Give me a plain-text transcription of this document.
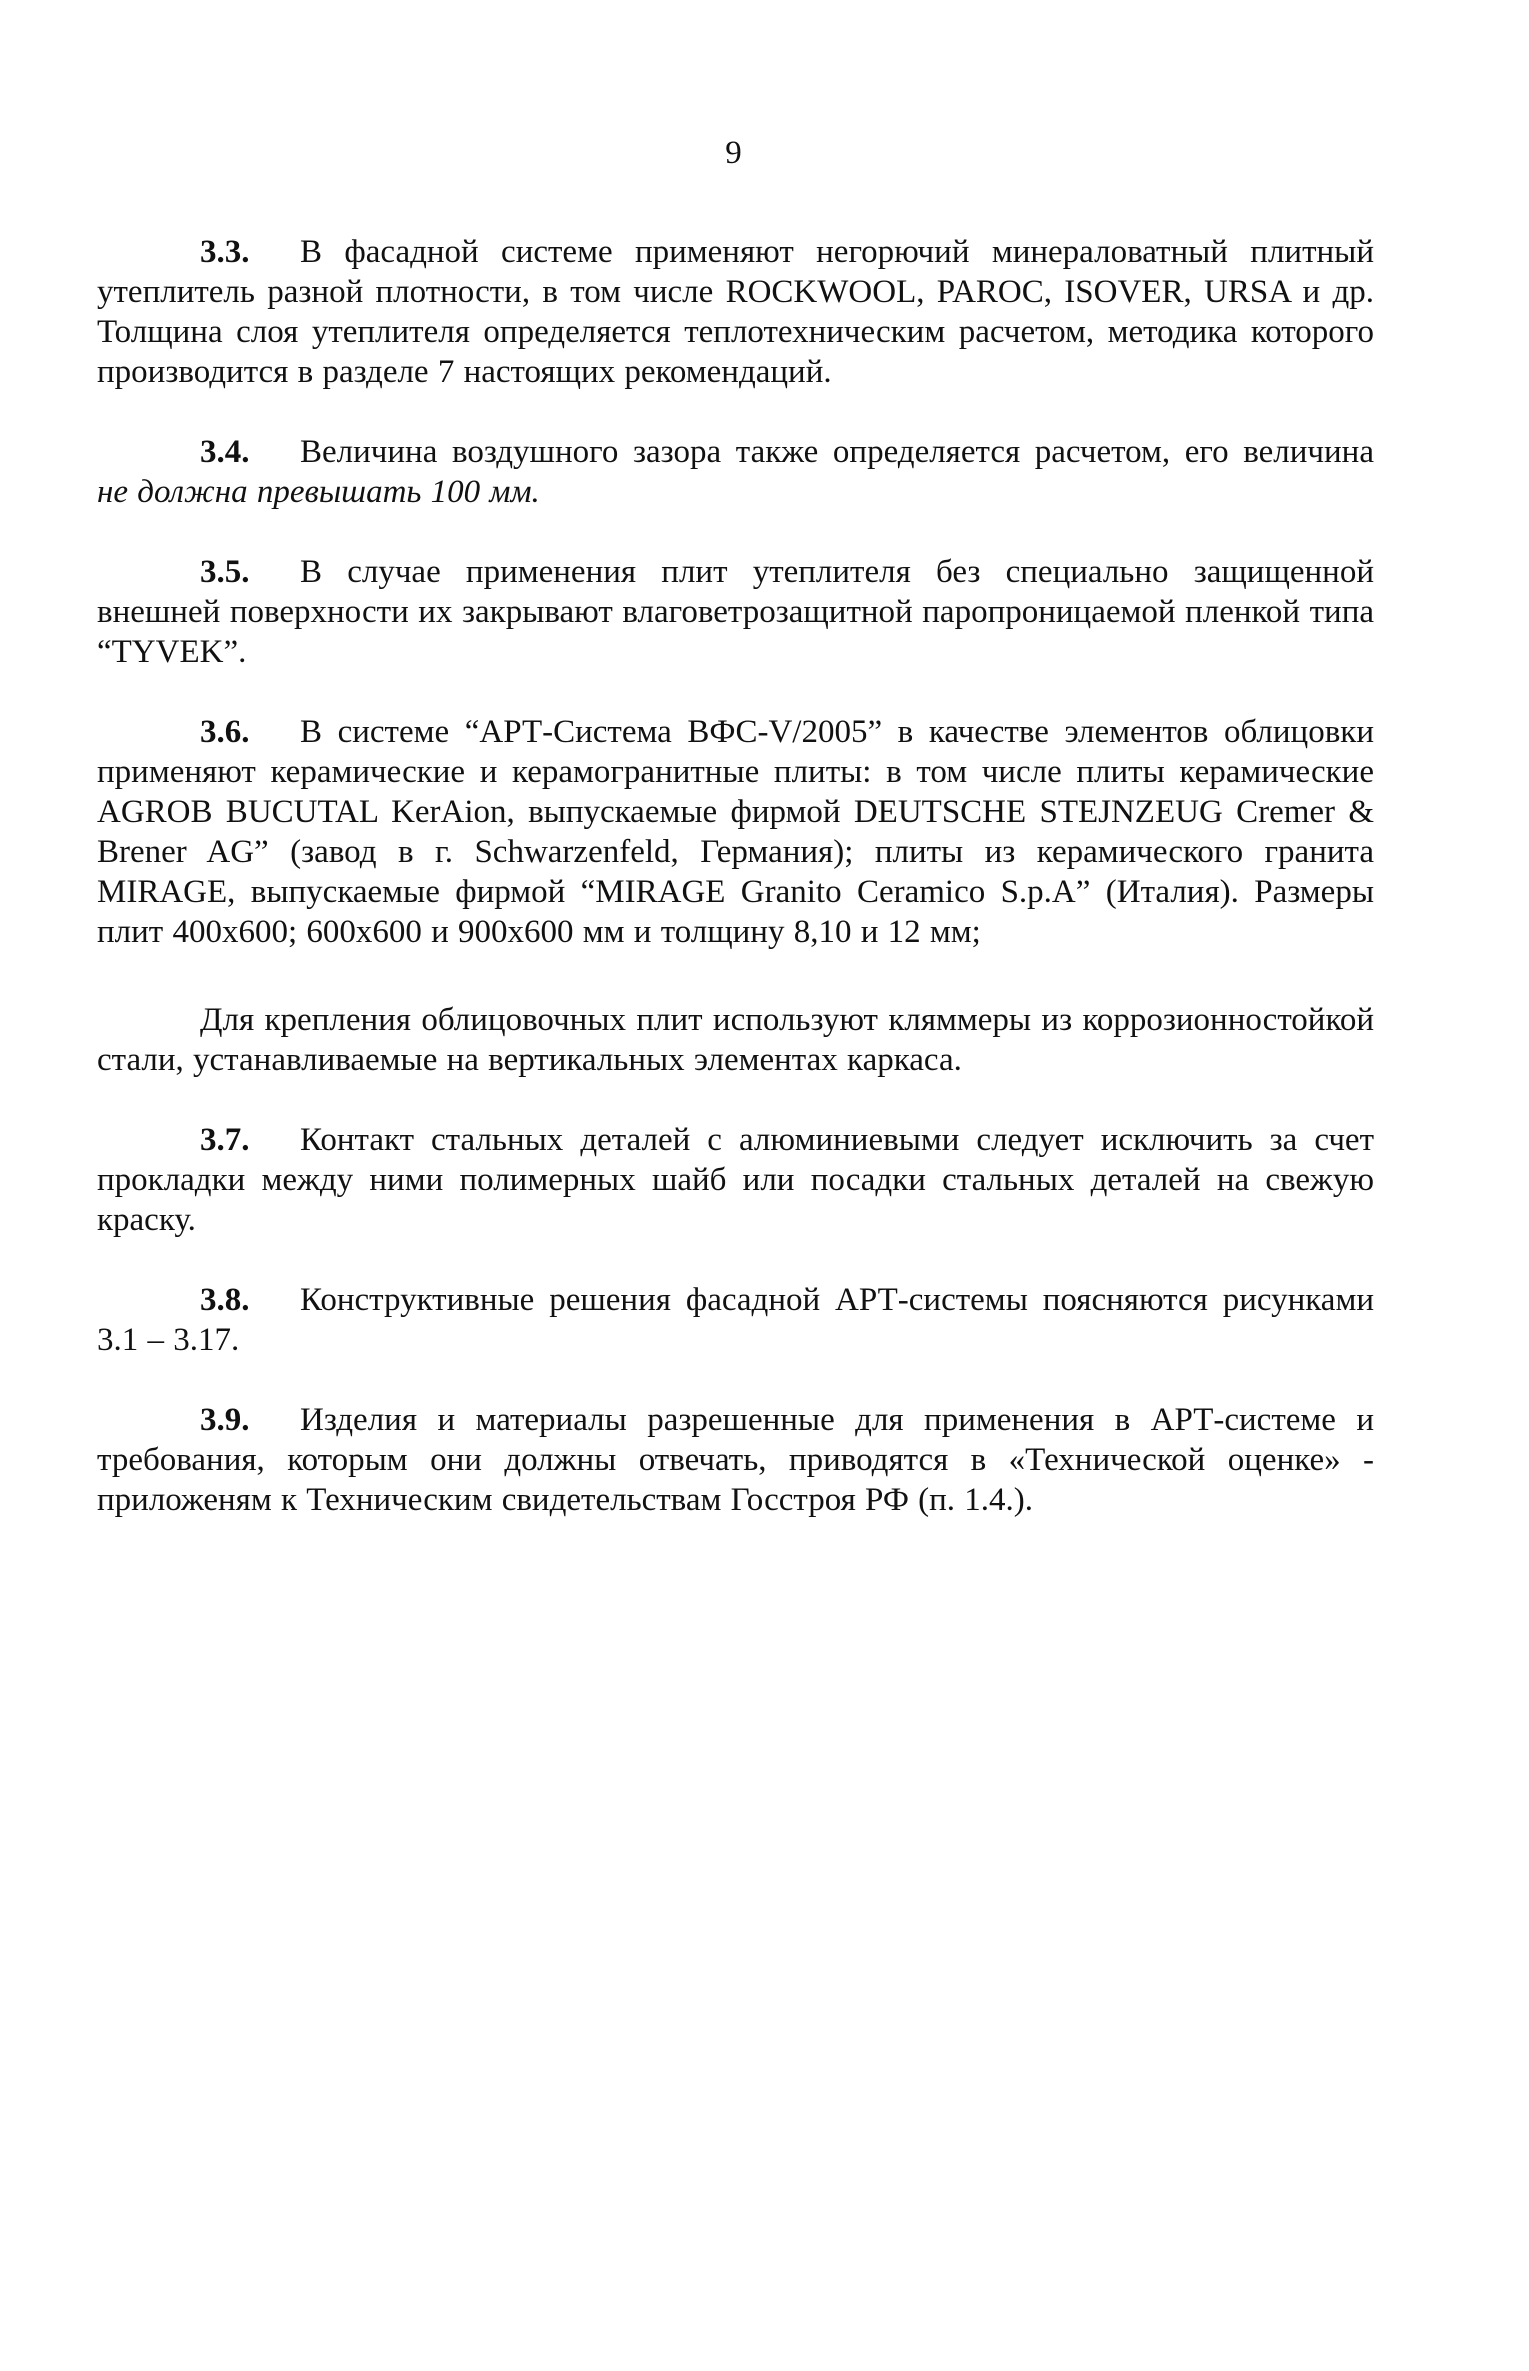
9

3.3. В фасадной системе применяют негорючий минераловатный плитный утеплитель разной плотности, в том числе ROCKWOOL, PAROC, ISOVER, URSA и др. Толщина слоя утеплителя определяется теплотехническим расчетом, методика которого производится в разделе 7 настоящих рекомендаций.

3.4. Величина воздушного зазора также определяется расчетом, его величина не должна превышать 100 мм.

3.5. В случае применения плит утеплителя без специально защищенной внешней поверхности их закрывают влаговетрозащитной паропроницаемой пленкой типа “TYVEK”.

3.6. В системе “АРТ-Система ВФС-V/2005” в качестве элементов облицовки применяют керамические и керамогранитные плиты: в том числе плиты керамические AGROB BUCUTAL KerAion, выпускаемые фирмой DEUTSCHE STEJNZEUG Cremer & Brener AG” (завод в г. Schwarzenfeld, Германия); плиты из керамического гранита MIRAGE, выпускаемые фирмой “MIRAGE Granito Ceramico S.p.A” (Италия). Размеры плит 400х600; 600х600 и 900х600 мм и толщину 8,10 и 12 мм;

Для крепления облицовочных плит используют кляммеры из коррозионностойкой стали, устанавливаемые на вертикальных элементах каркаса.

3.7. Контакт стальных деталей с алюминиевыми следует исключить за счет прокладки между ними полимерных шайб или посадки стальных деталей на свежую краску.

3.8. Конструктивные решения фасадной АРТ-системы поясняются рисунками 3.1 – 3.17.

3.9. Изделия и материалы разрешенные для применения в АРТ-системе и требования, которым они должны отвечать, приводятся в «Технической оценке» - приложеням к Техническим свидетельствам Госстроя РФ (п. 1.4.).
